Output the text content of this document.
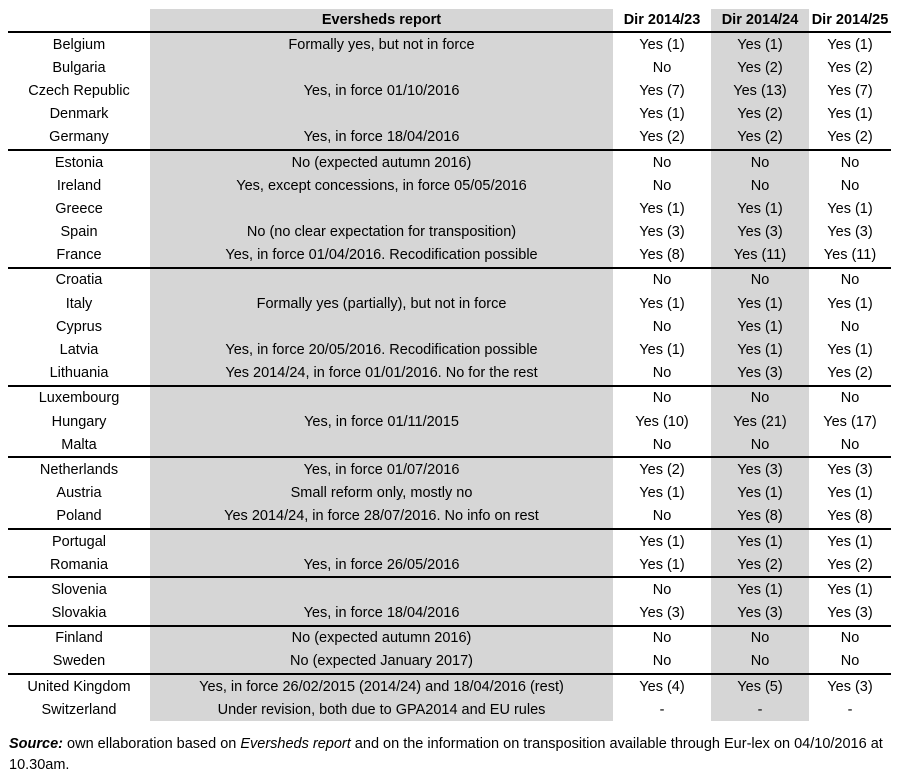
	Eversheds report	Dir 2014/23	Dir 2014/24	Dir 2014/25
Belgium	Formally yes, but not in force	Yes (1)	Yes (1)	Yes (1)
Bulgaria		No	Yes (2)	Yes (2)
Czech Republic	Yes, in force 01/10/2016	Yes (7)	Yes (13)	Yes (7)
Denmark		Yes (1)	Yes (2)	Yes (1)
Germany	Yes, in force 18/04/2016	Yes (2)	Yes (2)	Yes (2)
Estonia	No (expected autumn 2016)	No	No	No
Ireland	Yes, except concessions, in force 05/05/2016	No	No	No
Greece		Yes (1)	Yes (1)	Yes (1)
Spain	No (no clear expectation for transposition)	Yes (3)	Yes (3)	Yes (3)
France	Yes, in force 01/04/2016. Recodification possible	Yes (8)	Yes (11)	Yes (11)
Croatia		No	No	No
Italy	Formally yes (partially), but not in force	Yes (1)	Yes (1)	Yes (1)
Cyprus		No	Yes (1)	No
Latvia	Yes, in force 20/05/2016. Recodification possible	Yes (1)	Yes (1)	Yes (1)
Lithuania	Yes 2014/24, in force 01/01/2016. No for the rest	No	Yes (3)	Yes (2)
Luxembourg		No	No	No
Hungary	Yes, in force 01/11/2015	Yes (10)	Yes (21)	Yes (17)
Malta		No	No	No
Netherlands	Yes, in force 01/07/2016	Yes (2)	Yes (3)	Yes (3)
Austria	Small reform only, mostly no	Yes (1)	Yes (1)	Yes (1)
Poland	Yes 2014/24, in force 28/07/2016. No info on rest	No	Yes (8)	Yes (8)
Portugal		Yes (1)	Yes (1)	Yes (1)
Romania	Yes, in force 26/05/2016	Yes (1)	Yes (2)	Yes (2)
Slovenia		No	Yes (1)	Yes (1)
Slovakia	Yes, in force 18/04/2016	Yes (3)	Yes (3)	Yes (3)
Finland	No (expected autumn 2016)	No	No	No
Sweden	No (expected January 2017)	No	No	No
United Kingdom	Yes, in force 26/02/2015 (2014/24) and 18/04/2016 (rest)	Yes (4)	Yes (5)	Yes (3)
Switzerland	Under revision, both due to GPA2014 and EU rules	-	-	-
Source: own ellaboration based on Eversheds report and on the information on transposition available through Eur-lex on 04/10/2016 at 10.30am.
